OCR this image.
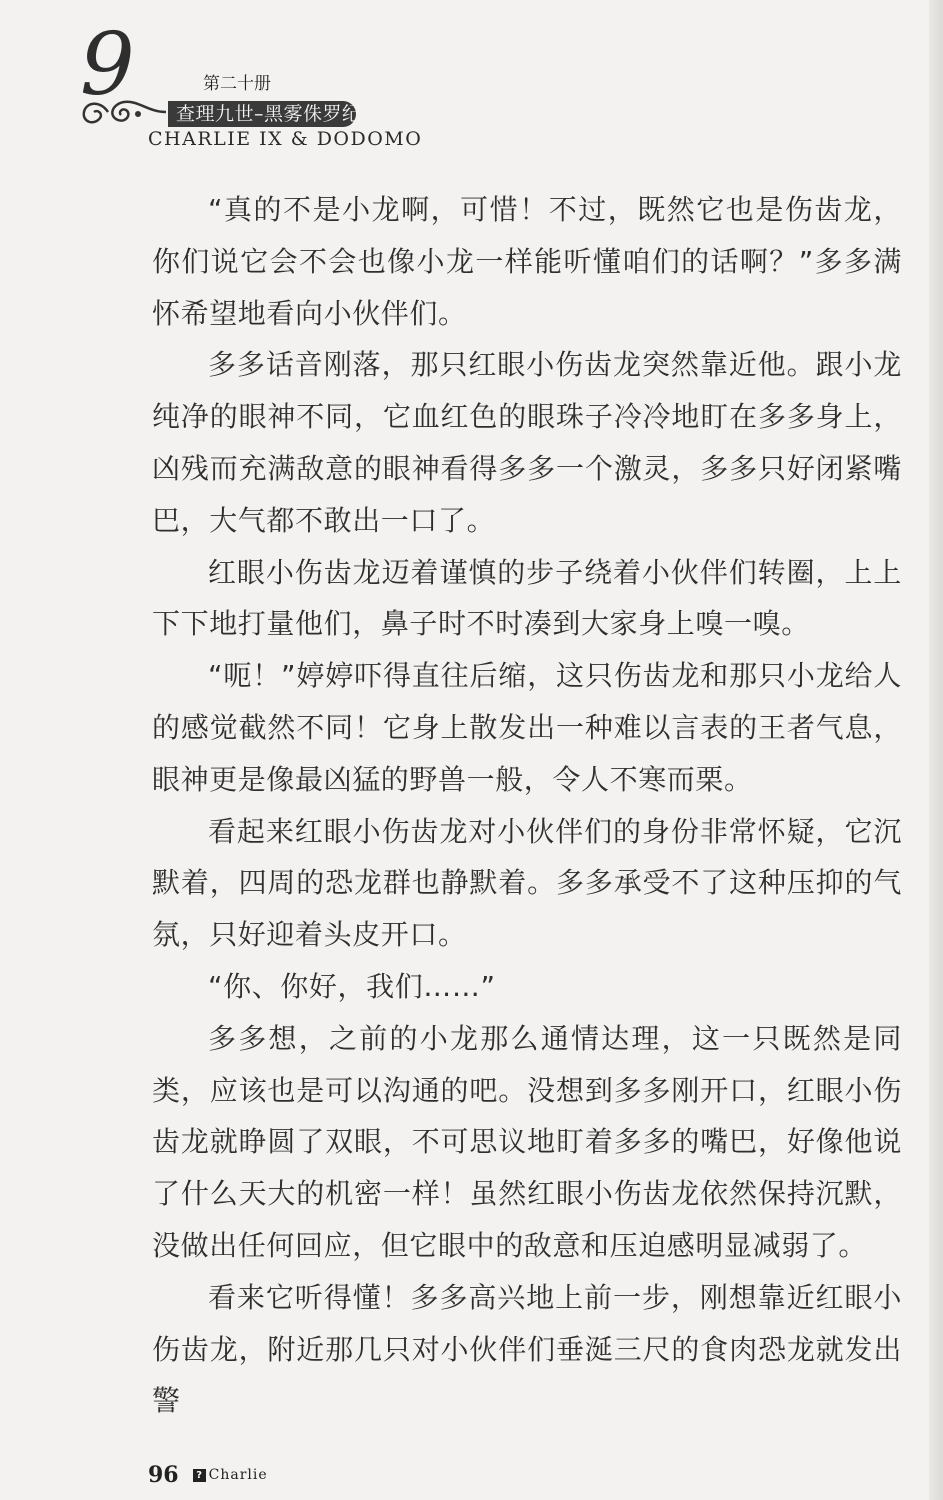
9	第二十册
查理九世–黑雾侏罗纪
CHARLIE IX & DODOMO

“真的不是小龙啊，可惜！不过，既然它也是伤齿龙，你们说它会不会也像小龙一样能听懂咱们的话啊？”多多满怀希望地看向小伙伴们。

多多话音刚落，那只红眼小伤齿龙突然靠近他。跟小龙纯净的眼神不同，它血红色的眼珠子冷冷地盯在多多身上，凶残而充满敌意的眼神看得多多一个激灵，多多只好闭紧嘴巴，大气都不敢出一口了。

红眼小伤齿龙迈着谨慎的步子绕着小伙伴们转圈，上上下下地打量他们，鼻子时不时凑到大家身上嗅一嗅。

“呃！”婷婷吓得直往后缩，这只伤齿龙和那只小龙给人的感觉截然不同！它身上散发出一种难以言表的王者气息，眼神更是像最凶猛的野兽一般，令人不寒而栗。

看起来红眼小伤齿龙对小伙伴们的身份非常怀疑，它沉默着，四周的恐龙群也静默着。多多承受不了这种压抑的气氛，只好迎着头皮开口。

“你、你好，我们……”

多多想，之前的小龙那么通情达理，这一只既然是同类，应该也是可以沟通的吧。没想到多多刚开口，红眼小伤齿龙就睁圆了双眼，不可思议地盯着多多的嘴巴，好像他说了什么天大的机密一样！虽然红眼小伤齿龙依然保持沉默，没做出任何回应，但它眼中的敌意和压迫感明显减弱了。

看来它听得懂！多多高兴地上前一步，刚想靠近红眼小伤齿龙，附近那几只对小伙伴们垂涎三尺的食肉恐龙就发出警

96	? Charlie
